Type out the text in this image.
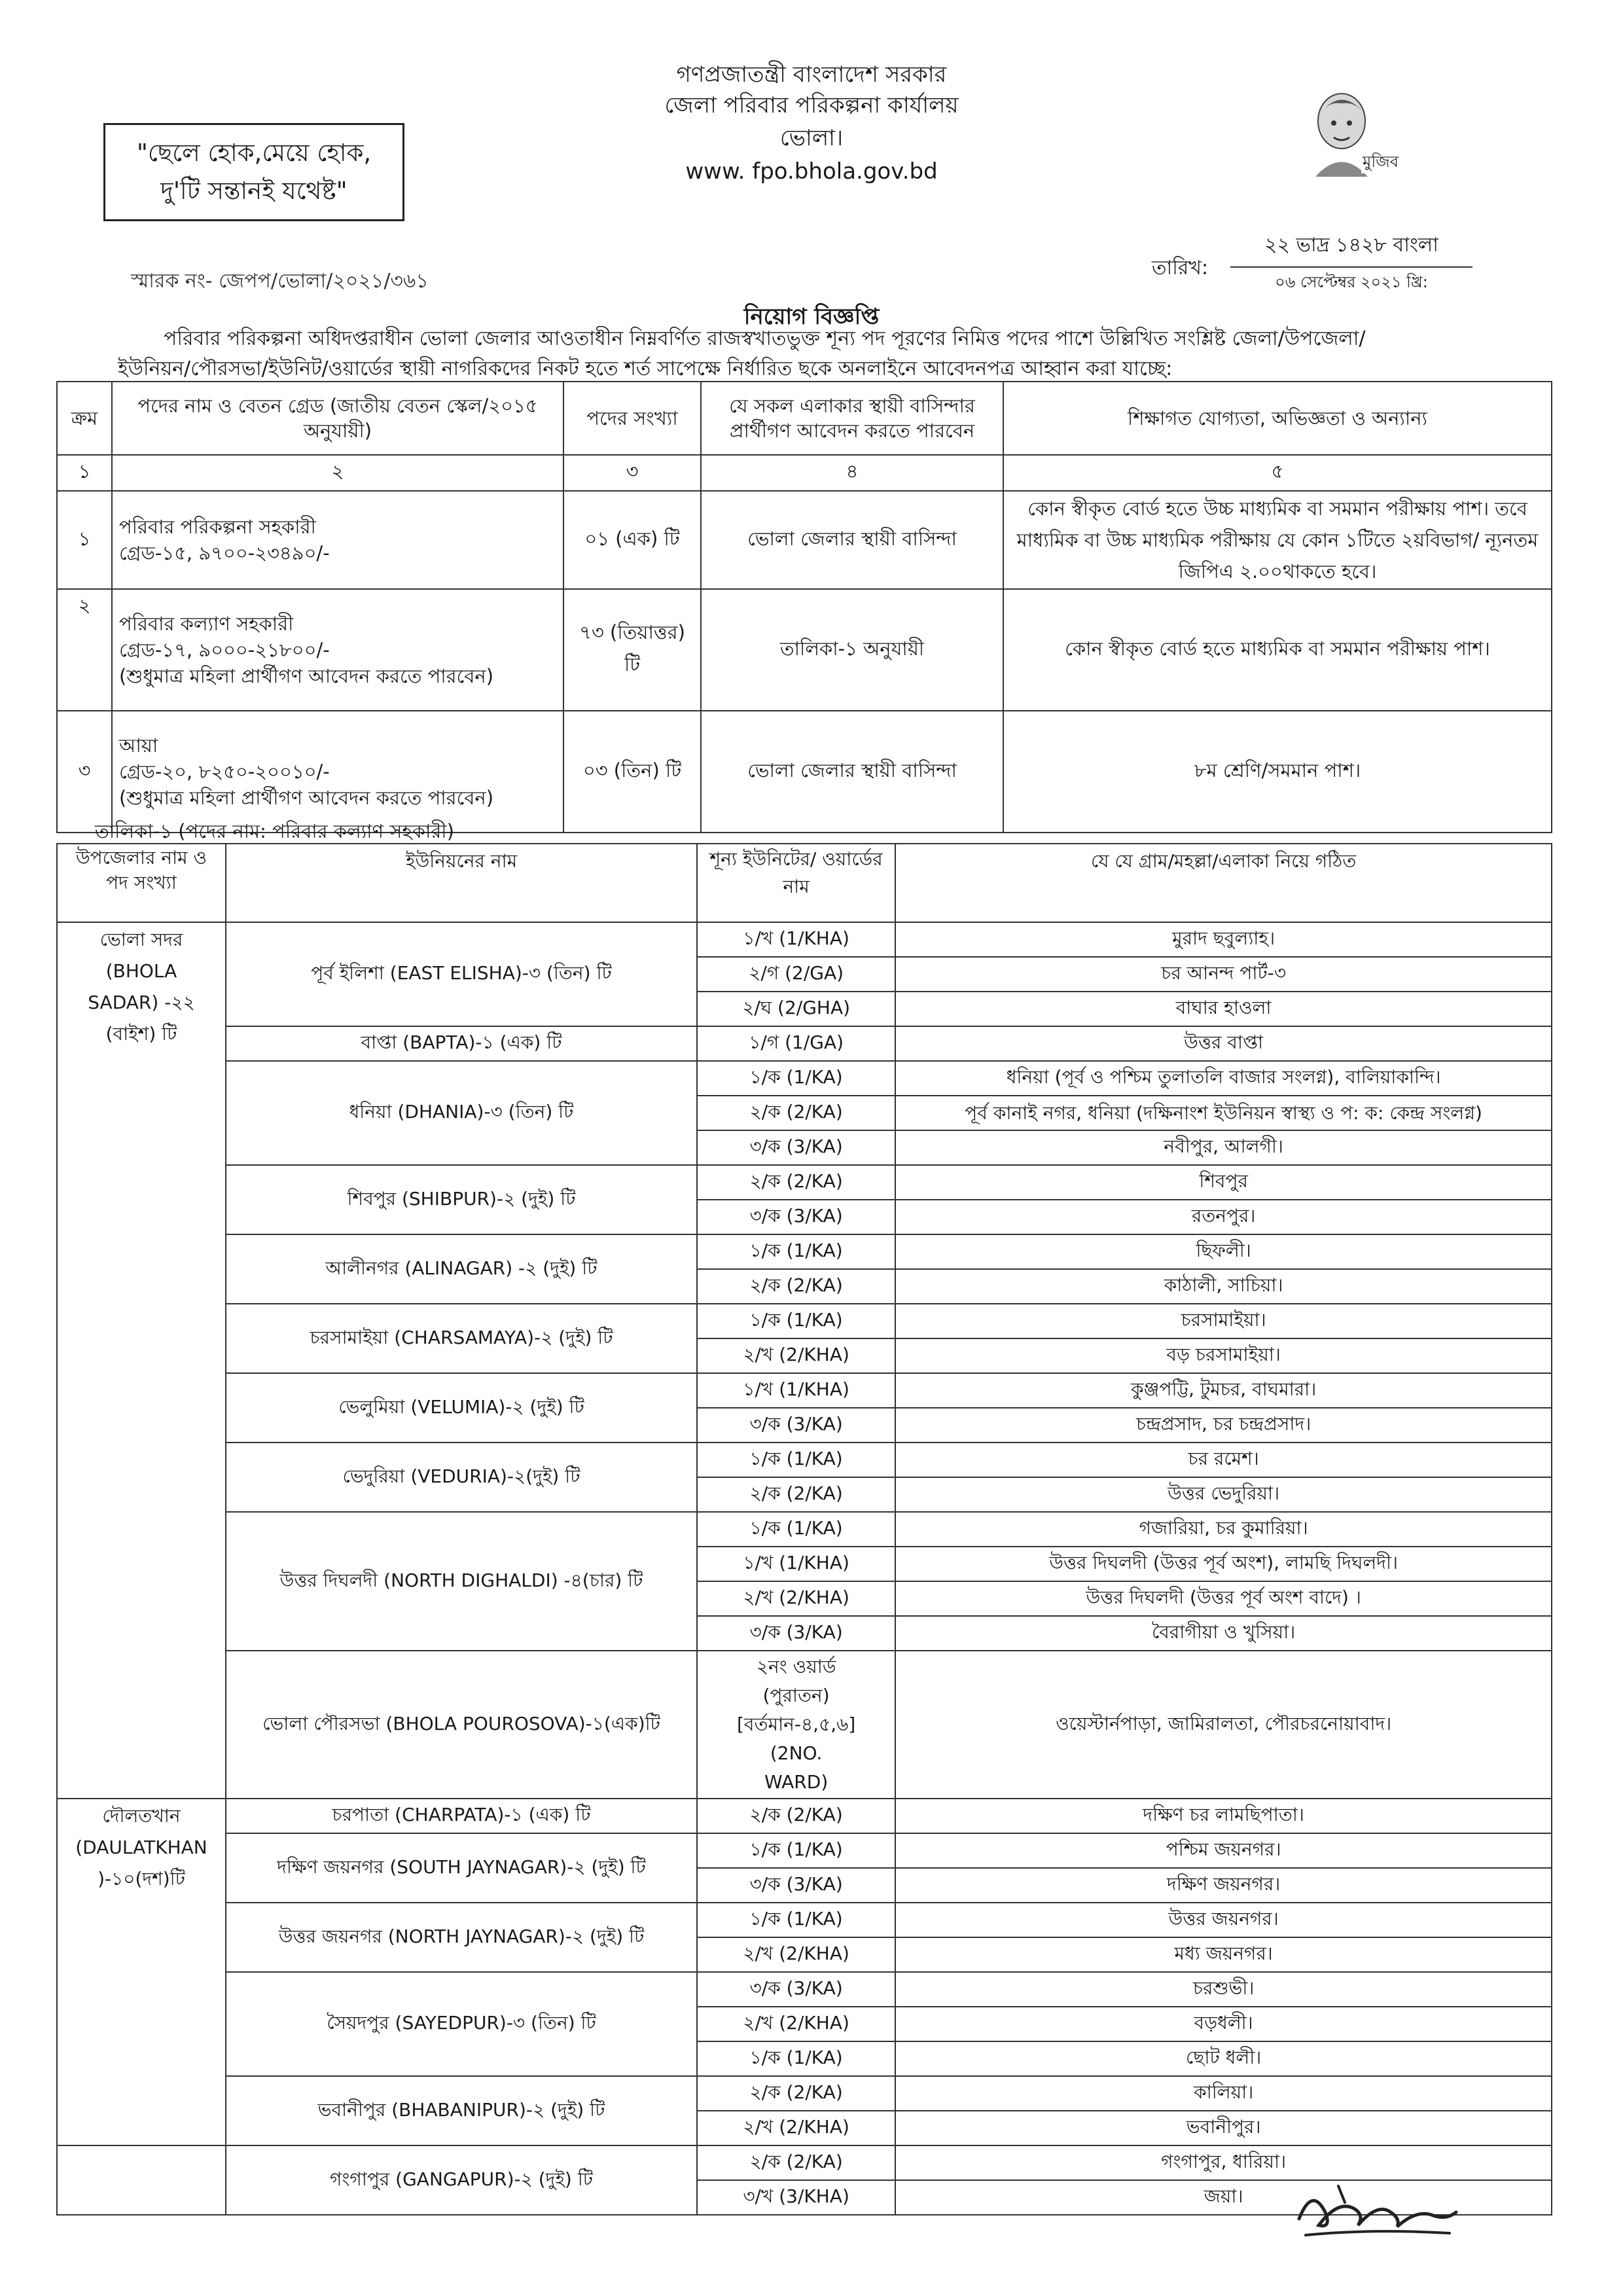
গণপ্রজাতন্ত্রী বাংলাদেশ সরকার
জেলা পরিবার পরিকল্পনা কার্যালয়
ভোলা।
www. fpo.bhola.gov.bd
"ছেলে হোক,মেয়ে হোক,
দু'টি সন্তানই যথেষ্ট"
মুজিব
স্মারক নং- জেপপ/ভোলা/২০২১/৩৬১
তারিখ:
২২ ভাদ্র ১৪২৮ বাংলা
০৬ সেপ্টেম্বর ২০২১ খ্রি:
নিয়োগ বিজ্ঞপ্তি

পরিবার পরিকল্পনা অধিদপ্তরাধীন ভোলা জেলার আওতাধীন নিম্নবর্ণিত রাজস্বখাতভুক্ত শূন্য পদ পূরণের নিমিত্ত পদের পাশে উল্লিখিত সংশ্লিষ্ট জেলা/উপজেলা/

ইউনিয়ন/পৌরসভা/ইউনিট/ওয়ার্ডের স্থায়ী নাগরিকদের নিকট হতে শর্ত সাপেক্ষে নির্ধারিত ছকে অনলাইনে আবেদনপত্র আহ্বান করা যাচ্ছে:

ক্রম	পদের নাম ও বেতন গ্রেড (জাতীয় বেতন স্কেল/২০১৫ অনুযায়ী)	পদের সংখ্যা	যে সকল এলাকার স্থায়ী বাসিন্দার প্রার্থীগণ আবেদন করতে পারবেন	শিক্ষাগত যোগ্যতা, অভিজ্ঞতা ও অন্যান্য
১	২	৩	৪	৫
১	পরিবার পরিকল্পনা সহকারী
গ্রেড-১৫, ৯৭০০-২৩৪৯০/-	০১ (এক) টি	ভোলা জেলার স্থায়ী বাসিন্দা	কোন স্বীকৃত বোর্ড হতে উচ্চ মাধ্যমিক বা সমমান পরীক্ষায় পাশ। তবে মাধ্যমিক বা উচ্চ মাধ্যমিক পরীক্ষায় যে কোন ১টিতে ২য়বিভাগ/ ন্যূনতম জিপিএ ২.০০থাকতে হবে।
২	পরিবার কল্যাণ সহকারী
গ্রেড-১৭, ৯০০০-২১৮০০/-
(শুধুমাত্র মহিলা প্রার্থীগণ আবেদন করতে পারবেন)	৭৩ (তিয়াত্তর) টি	তালিকা-১ অনুযায়ী	কোন স্বীকৃত বোর্ড হতে মাধ্যমিক বা সমমান পরীক্ষায় পাশ।
৩	আয়া
গ্রেড-২০, ৮২৫০-২০০১০/-
(শুধুমাত্র মহিলা প্রার্থীগণ আবেদন করতে পারবেন)	০৩ (তিন) টি	ভোলা জেলার স্থায়ী বাসিন্দা	৮ম শ্রেণি/সমমান পাশ।
তালিকা-১ (পদের নাম: পরিবার কল্যাণ সহকারী)
উপজেলার নাম ও পদ সংখ্যা	ইউনিয়নের নাম	শূন্য ইউনিটের/ ওয়ার্ডের নাম	যে যে গ্রাম/মহল্লা/এলাকা নিয়ে গঠিত
ভোলা সদর (BHOLA SADAR) -২২ (বাইশ) টি	পূর্ব ইলিশা (EAST ELISHA)-৩ (তিন) টি	১/খ (1/KHA)	মুরাদ ছবুল্যাহ।
		২/গ (2/GA)	চর আনন্দ পার্ট-৩
		২/ঘ (2/GHA)	বাঘার হাওলা
	বাপ্তা (BAPTA)-১ (এক) টি	১/গ (1/GA)	উত্তর বাপ্তা
	ধনিয়া (DHANIA)-৩ (তিন) টি	১/ক (1/KA)	ধনিয়া (পূর্ব ও পশ্চিম তুলাতলি বাজার সংলগ্ন), বালিয়াকান্দি।
		২/ক (2/KA)	পূর্ব কানাই নগর, ধনিয়া (দক্ষিনাংশ ইউনিয়ন স্বাস্থ্য ও প: ক: কেন্দ্র সংলগ্ন)
		৩/ক (3/KA)	নবীপুর, আলগী।
	শিবপুর (SHIBPUR)-২ (দুই) টি	২/ক (2/KA)	শিবপুর
		৩/ক (3/KA)	রতনপুর।
	আলীনগর (ALINAGAR) -২ (দুই) টি	১/ক (1/KA)	ছিফলী।
		২/ক (2/KA)	কাঠালী, সাচিয়া।
	চরসামাইয়া (CHARSAMAYA)-২ (দুই) টি	১/ক (1/KA)	চরসামাইয়া।
		২/খ (2/KHA)	বড় চরসামাইয়া।
	ভেলুমিয়া (VELUMIA)-২ (দুই) টি	১/খ (1/KHA)	কুঞ্জপট্টি, টুমচর, বাঘমারা।
		৩/ক (3/KA)	চন্দ্রপ্রসাদ, চর চন্দ্রপ্রসাদ।
	ভেদুরিয়া (VEDURIA)-২(দুই) টি	১/ক (1/KA)	চর রমেশ।
		২/ক (2/KA)	উত্তর ভেদুরিয়া।
	উত্তর দিঘলদী (NORTH DIGHALDI) -৪(চার) টি	১/ক (1/KA)	গজারিয়া, চর কুমারিয়া।
		১/খ (1/KHA)	উত্তর দিঘলদী (উত্তর পূর্ব অংশ), লামছি দিঘলদী।
		২/খ (2/KHA)	উত্তর দিঘলদী (উত্তর পূর্ব অংশ বাদে) ।
		৩/ক (3/KA)	বৈরাগীয়া ও খুসিয়া।
	ভোলা পৌরসভা (BHOLA POUROSOVA)-১(এক)টি	২নং ওয়ার্ড (পুরাতন) [বর্তমান-৪,৫,৬] (2NO. WARD)	ওয়েস্টার্নপাড়া, জামিরালতা, পৌরচরনোয়াবাদ।
দৌলতখান (DAULATKHAN )-১০(দশ)টি	চরপাতা (CHARPATA)-১ (এক) টি	২/ক (2/KA)	দক্ষিণ চর লামছিপাতা।
	দক্ষিণ জয়নগর (SOUTH JAYNAGAR)-২ (দুই) টি	১/ক (1/KA)	পশ্চিম জয়নগর।
		৩/ক (3/KA)	দক্ষিণ জয়নগর।
	উত্তর জয়নগর (NORTH JAYNAGAR)-২ (দুই) টি	১/ক (1/KA)	উত্তর জয়নগর।
		২/খ (2/KHA)	মধ্য জয়নগর।
	সৈয়দপুর (SAYEDPUR)-৩ (তিন) টি	৩/ক (3/KA)	চরশুভী।
		২/খ (2/KHA)	বড়ধলী।
		১/ক (1/KA)	ছোট ধলী।
	ভবানীপুর (BHABANIPUR)-২ (দুই) টি	২/ক (2/KA)	কালিয়া।
		২/খ (2/KHA)	ভবানীপুর।
	গংগাপুর (GANGAPUR)-২ (দুই) টি	২/ক (2/KA)	গংগাপুর, ধারিয়া।
		৩/খ (3/KHA)	জয়া।
